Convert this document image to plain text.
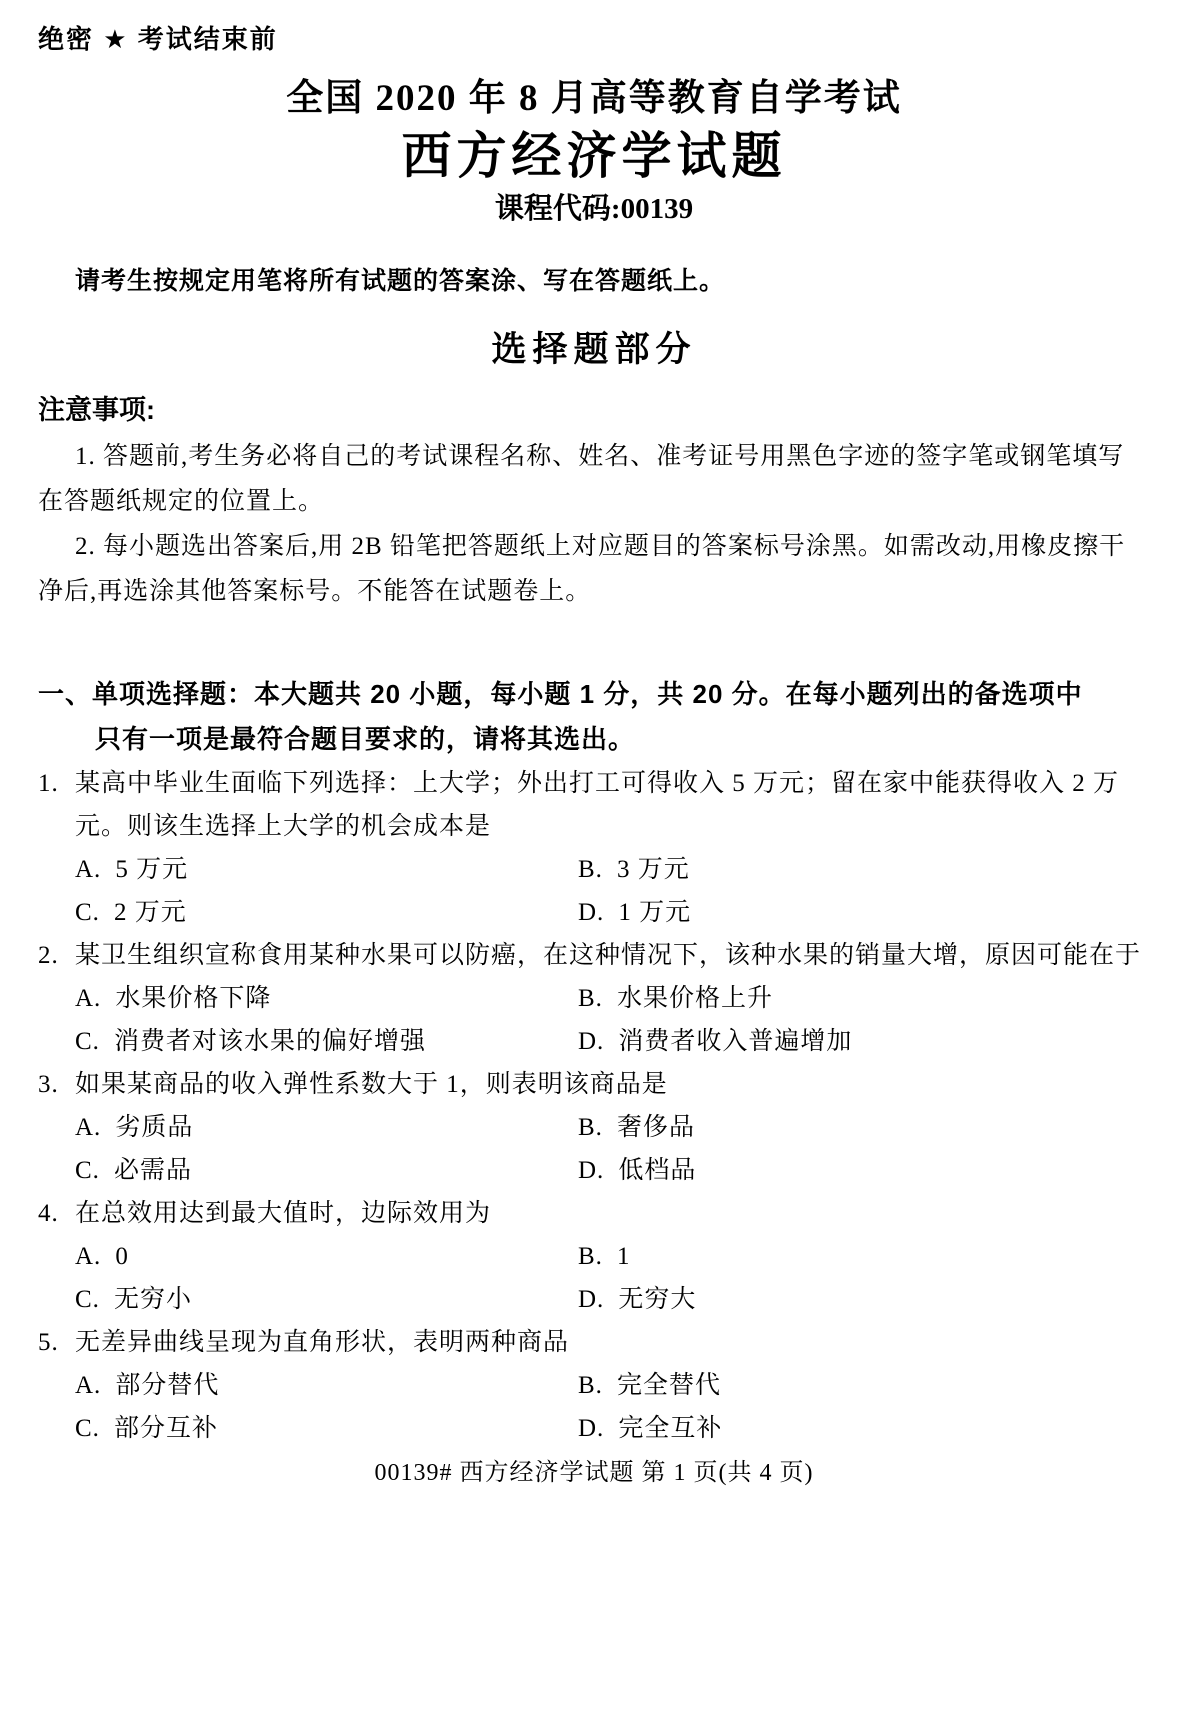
绝密 ★ 考试结束前
全国 2020 年 8 月高等教育自学考试
西方经济学试题
课程代码:00139
请考生按规定用笔将所有试题的答案涂、写在答题纸上。
选择题部分
注意事项:

1. 答题前,考生务必将自己的考试课程名称、姓名、准考证号用黑色字迹的签字笔或钢笔填写在答题纸规定的位置上。

2. 每小题选出答案后,用 2B 铅笔把答题纸上对应题目的答案标号涂黑。如需改动,用橡皮擦干净后,再选涂其他答案标号。不能答在试题卷上。

一、单项选择题：本大题共 20 小题，每小题 1 分，共 20 分。在每小题列出的备选项中
只有一项是最符合题目要求的，请将其选出。
1. 某高中毕业生面临下列选择：上大学；外出打工可得收入 5 万元；留在家中能获得收入 2 万元。则该生选择上大学的机会成本是
A. 5 万元	B. 3 万元
C. 2 万元	D. 1 万元
2. 某卫生组织宣称食用某种水果可以防癌，在这种情况下，该种水果的销量大增，原因可能在于
A. 水果价格下降	B. 水果价格上升
C. 消费者对该水果的偏好增强	D. 消费者收入普遍增加
3. 如果某商品的收入弹性系数大于 1，则表明该商品是
A. 劣质品	B. 奢侈品
C. 必需品	D. 低档品
4. 在总效用达到最大值时，边际效用为
A. 0	B. 1
C. 无穷小	D. 无穷大
5. 无差异曲线呈现为直角形状，表明两种商品
A. 部分替代	B. 完全替代
C. 部分互补	D. 完全互补
00139# 西方经济学试题 第 1 页(共 4 页)
